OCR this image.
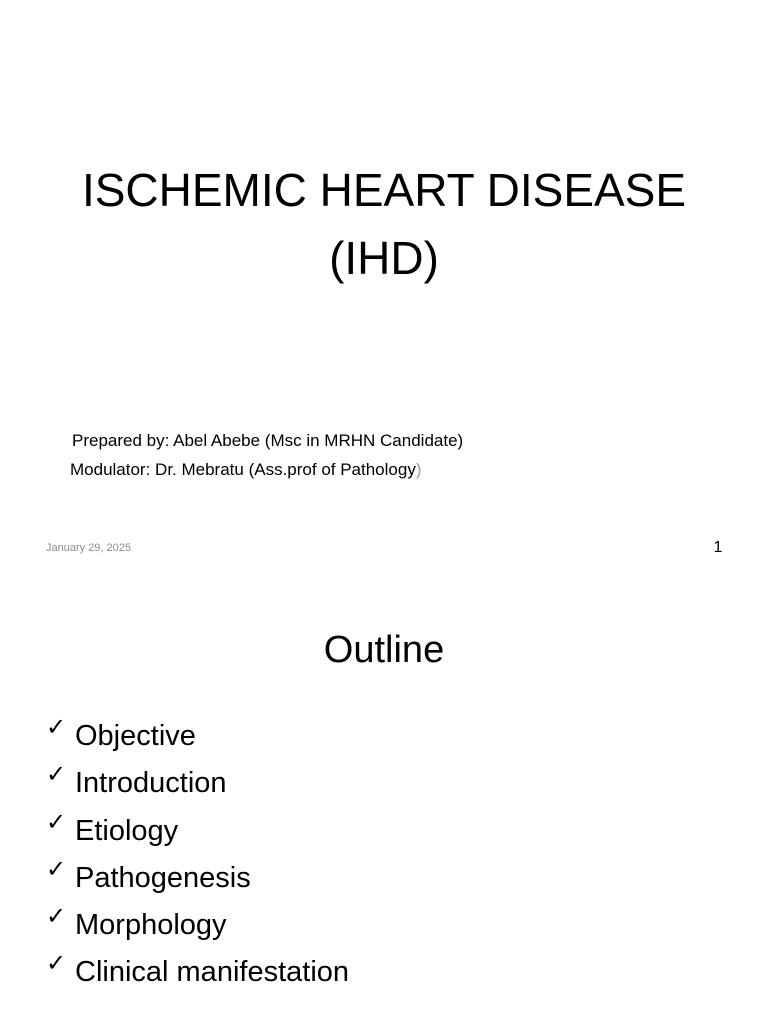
ISCHEMIC HEART DISEASE
(IHD)
Prepared by: Abel Abebe (Msc in MRHN Candidate)
Modulator: Dr. Mebratu (Ass.prof of Pathology)
January 29, 2025	1
Outline
✓ Objective
✓ Introduction
✓ Etiology
✓ Pathogenesis
✓ Morphology
✓ Clinical manifestation
